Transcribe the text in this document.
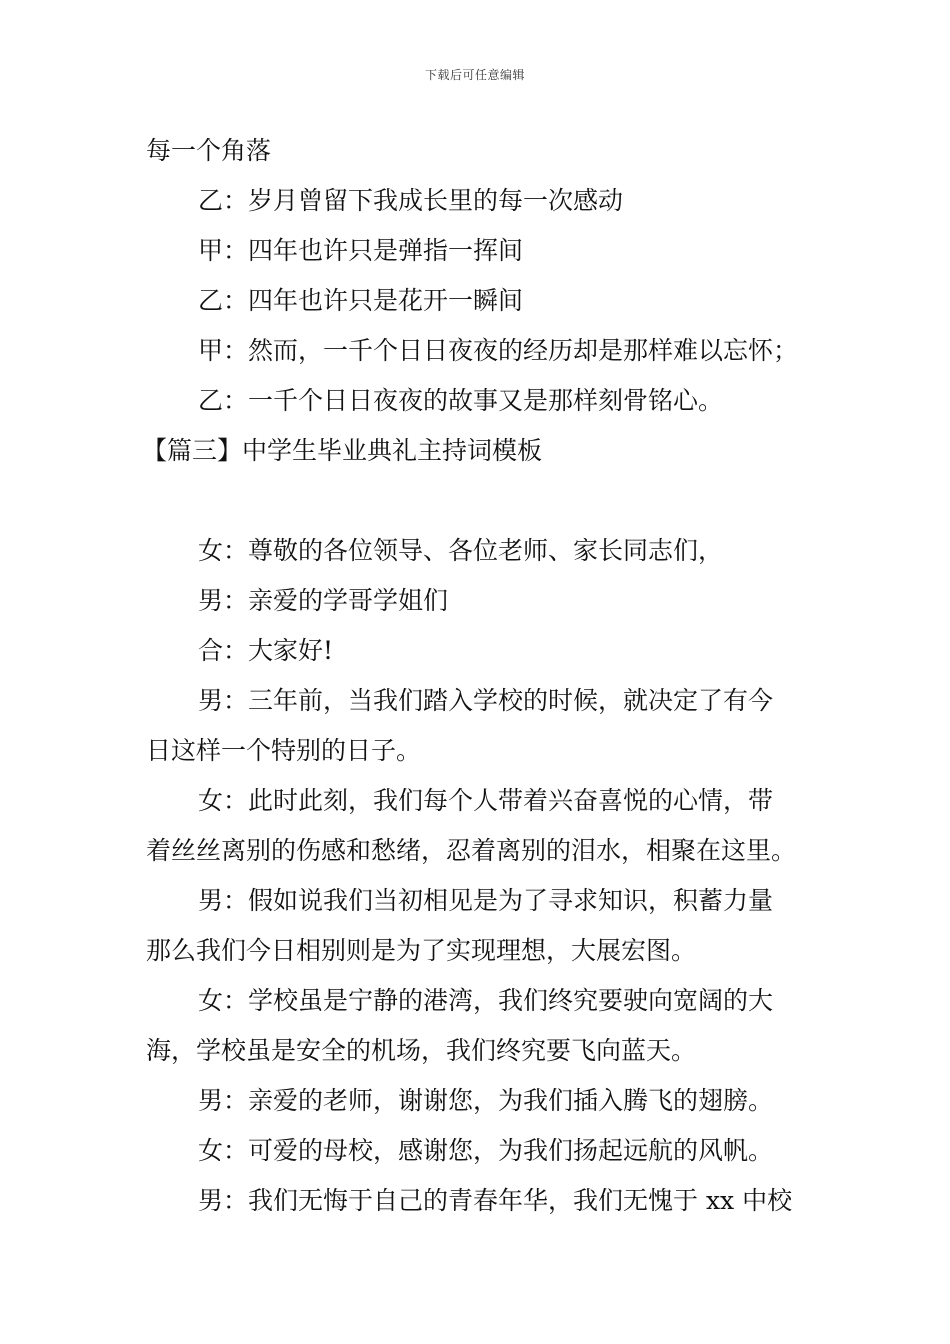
下载后可任意编辑
每一个角落
乙：岁月曾留下我成长里的每一次感动
甲：四年也许只是弹指一挥间
乙：四年也许只是花开一瞬间
甲：然而，一千个日日夜夜的经历却是那样难以忘怀；
乙：一千个日日夜夜的故事又是那样刻骨铭心。
【篇三】中学生毕业典礼主持词模板
女：尊敬的各位领导、各位老师、家长同志们，
男：亲爱的学哥学姐们
合：大家好!
男：三年前，当我们踏入学校的时候，就决定了有今
日这样一个特别的日子。
女：此时此刻，我们每个人带着兴奋喜悦的心情，带
着丝丝离别的伤感和愁绪，忍着离别的泪水，相聚在这里。
男：假如说我们当初相见是为了寻求知识，积蓄力量
那么我们今日相别则是为了实现理想，大展宏图。
女：学校虽是宁静的港湾，我们终究要驶向宽阔的大
海，学校虽是安全的机场，我们终究要飞向蓝天。
男：亲爱的老师，谢谢您，为我们插入腾飞的翅膀。
女：可爱的母校，感谢您，为我们扬起远航的风帆。
男：我们无悔于自己的青春年华，我们无愧于 xx 中校
